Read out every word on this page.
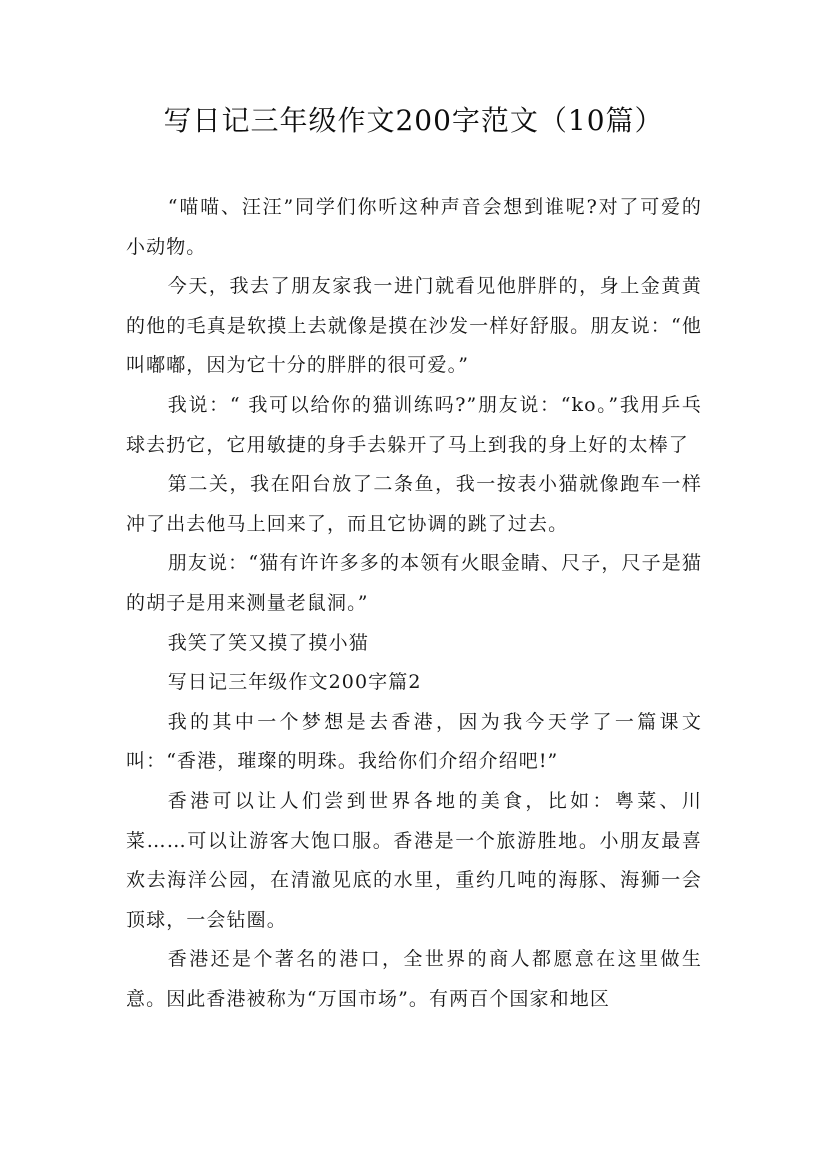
写日记三年级作文200字范文（10篇）

“喵喵、汪汪”同学们你听这种声音会想到谁呢?对了可爱的小动物。

今天，我去了朋友家我一进门就看见他胖胖的，身上金黄黄的他的毛真是软摸上去就像是摸在沙发一样好舒服。朋友说：“他叫嘟嘟，因为它十分的胖胖的很可爱。”

我说：“ 我可以给你的猫训练吗?”朋友说：“ko。”我用乒乓球去扔它，它用敏捷的身手去躲开了马上到我的身上好的太棒了

第二关，我在阳台放了二条鱼，我一按表小猫就像跑车一样冲了出去他马上回来了，而且它协调的跳了过去。

朋友说：“猫有许许多多的本领有火眼金睛、尺子，尺子是猫的胡子是用来测量老鼠洞。”

我笑了笑又摸了摸小猫

写日记三年级作文200字篇2

我的其中一个梦想是去香港，因为我今天学了一篇课文叫：“香港，璀璨的明珠。我给你们介绍介绍吧!”

香港可以让人们尝到世界各地的美食，比如：粤菜、川菜……可以让游客大饱口服。香港是一个旅游胜地。小朋友最喜欢去海洋公园，在清澈见底的水里，重约几吨的海豚、海狮一会顶球，一会钻圈。

香港还是个著名的港口，全世界的商人都愿意在这里做生意。因此香港被称为“万国市场”。有两百个国家和地区
